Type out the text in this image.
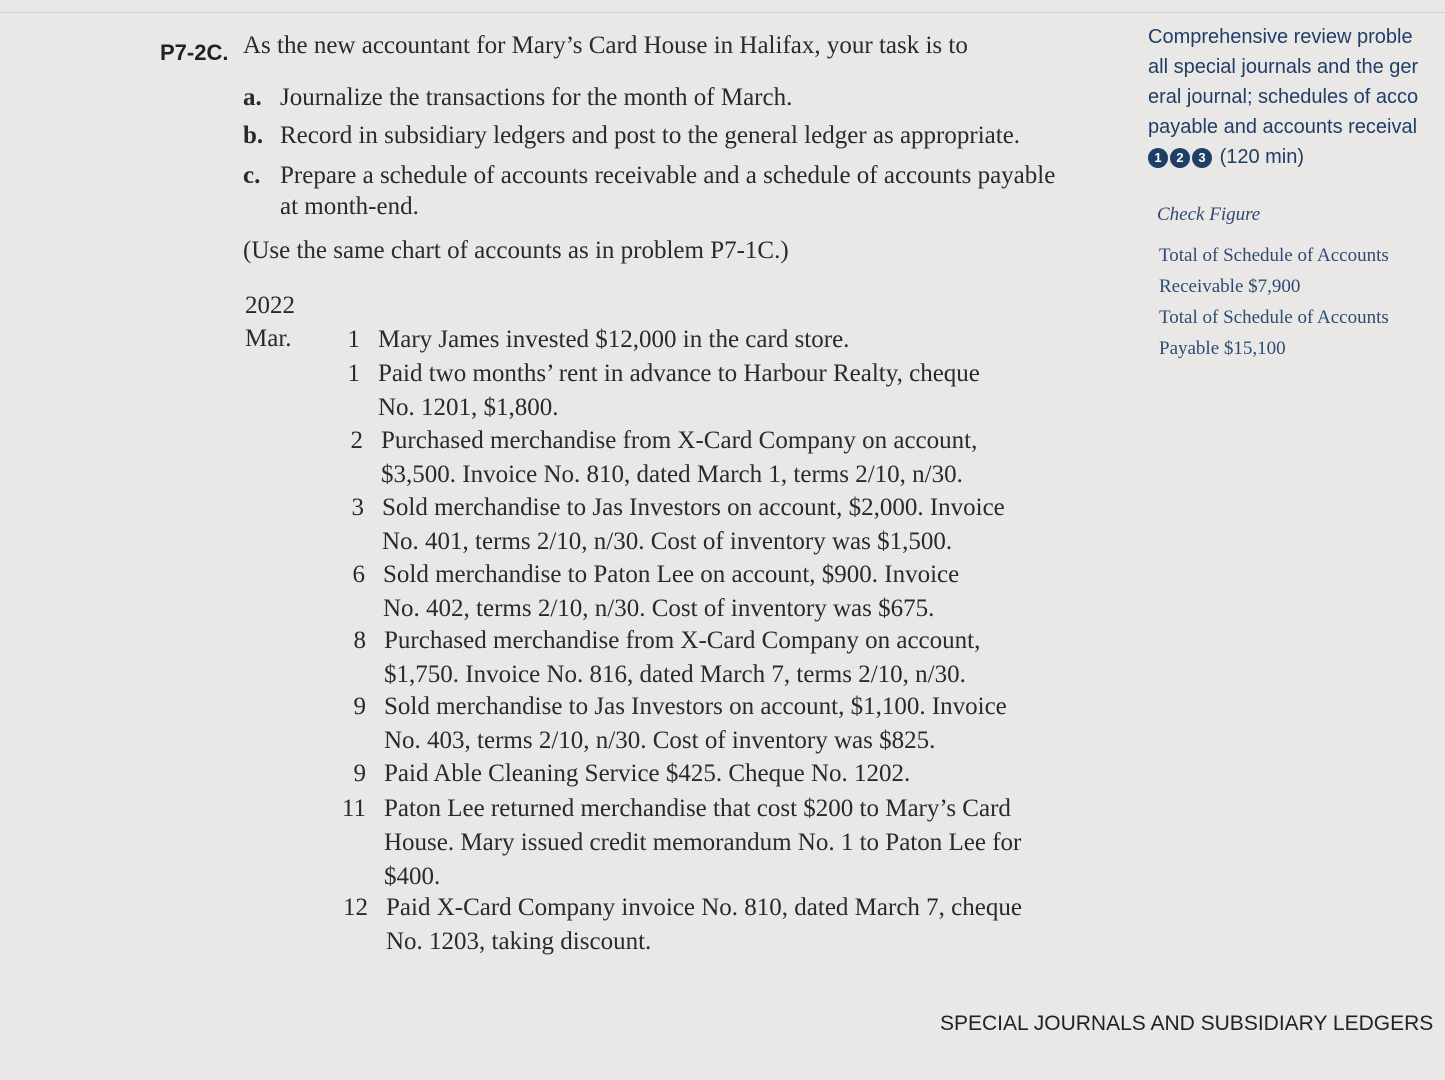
P7-2C. As the new accountant for Mary’s Card House in Halifax, your task is to
a. Journalize the transactions for the month of March.
b. Record in subsidiary ledgers and post to the general ledger as appropriate.
c. Prepare a schedule of accounts receivable and a schedule of accounts payable
at month-end.
(Use the same chart of accounts as in problem P7-1C.)
2022
Mar.	1 Mary James invested $12,000 in the card store.
1 Paid two months’ rent in advance to Harbour Realty, cheque
No. 1201, $1,800.
2 Purchased merchandise from X-Card Company on account,
$3,500. Invoice No. 810, dated March 1, terms 2/10, n/30.
3 Sold merchandise to Jas Investors on account, $2,000. Invoice
No. 401, terms 2/10, n/30. Cost of inventory was $1,500.
6 Sold merchandise to Paton Lee on account, $900. Invoice
No. 402, terms 2/10, n/30. Cost of inventory was $675.
8 Purchased merchandise from X-Card Company on account,
$1,750. Invoice No. 816, dated March 7, terms 2/10, n/30.
9 Sold merchandise to Jas Investors on account, $1,100. Invoice
No. 403, terms 2/10, n/30. Cost of inventory was $825.
9 Paid Able Cleaning Service $425. Cheque No. 1202.
11 Paton Lee returned merchandise that cost $200 to Mary’s Card
House. Mary issued credit memorandum No. 1 to Paton Lee for
$400.
12 Paid X-Card Company invoice No. 810, dated March 7, cheque
No. 1203, taking discount.
Comprehensive review proble
all special journals and the ger
eral journal; schedules of acco
payable and accounts receival
1 2 3 (120 min)
Check Figure
Total of Schedule of Accounts
Receivable $7,900
Total of Schedule of Accounts
Payable $15,100
SPECIAL JOURNALS AND SUBSIDIARY LEDGERS
